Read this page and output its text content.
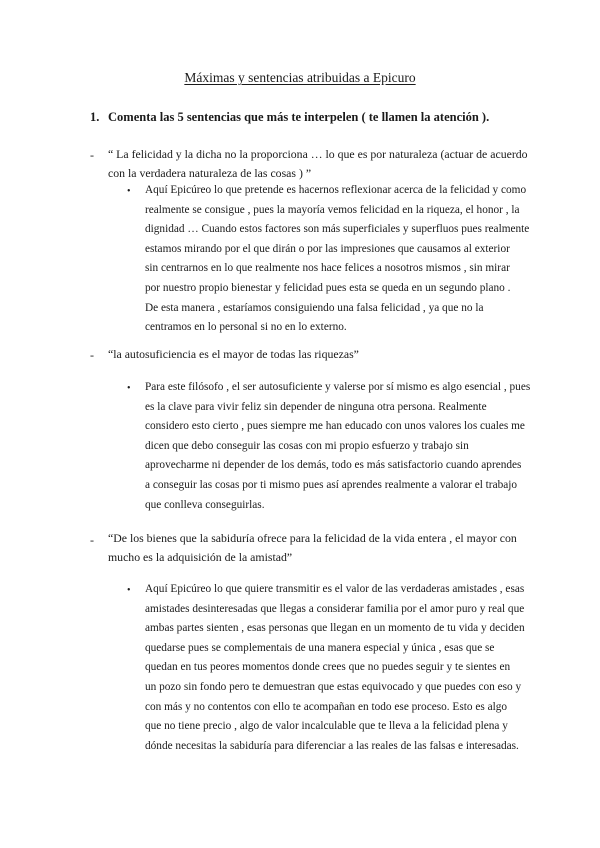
Máximas y sentencias atribuidas a Epicuro
1. Comenta las 5 sentencias que más te interpelen ( te llamen la atención ).
- “ La felicidad y la dicha no la proporciona … lo que es por naturaleza (actuar de acuerdo
con la verdadera naturaleza de las cosas ) ”
• Aquí Epicúreo lo que pretende es hacernos reflexionar acerca de la felicidad y como
realmente se consigue , pues la mayoría vemos felicidad en la riqueza, el honor , la
dignidad … Cuando estos factores son más superficiales y superfluos pues realmente
estamos mirando por el que dirán o por las impresiones que causamos al exterior
sin centrarnos en lo que realmente nos hace felices a nosotros mismos , sin mirar
por nuestro propio bienestar y felicidad pues esta se queda en un segundo plano .
De esta manera , estaríamos consiguiendo una falsa felicidad , ya que no la
centramos en lo personal si no en lo externo.
- “la autosuficiencia es el mayor de todas las riquezas”
• Para este filósofo , el ser autosuficiente y valerse por sí mismo es algo esencial , pues
es la clave para vivir feliz sin depender de ninguna otra persona. Realmente
considero esto cierto , pues siempre me han educado con unos valores los cuales me
dicen que debo conseguir las cosas con mi propio esfuerzo y trabajo sin
aprovecharme ni depender de los demás, todo es más satisfactorio cuando aprendes
a conseguir las cosas por ti mismo pues así aprendes realmente a valorar el trabajo
que conlleva conseguirlas.
- “De los bienes que la sabiduría ofrece para la felicidad de la vida entera , el mayor con
mucho es la adquisición de la amistad”
• Aquí Epicúreo lo que quiere transmitir es el valor de las verdaderas amistades , esas
amistades desinteresadas que llegas a considerar familia por el amor puro y real que
ambas partes sienten , esas personas que llegan en un momento de tu vida y deciden
quedarse pues se complementais de una manera especial y única , esas que se
quedan en tus peores momentos donde crees que no puedes seguir y te sientes en
un pozo sin fondo pero te demuestran que estas equivocado y que puedes con eso y
con más y no contentos con ello te acompañan en todo ese proceso. Esto es algo
que no tiene precio , algo de valor incalculable que te lleva a la felicidad plena y
dónde necesitas la sabiduría para diferenciar a las reales de las falsas e interesadas.
